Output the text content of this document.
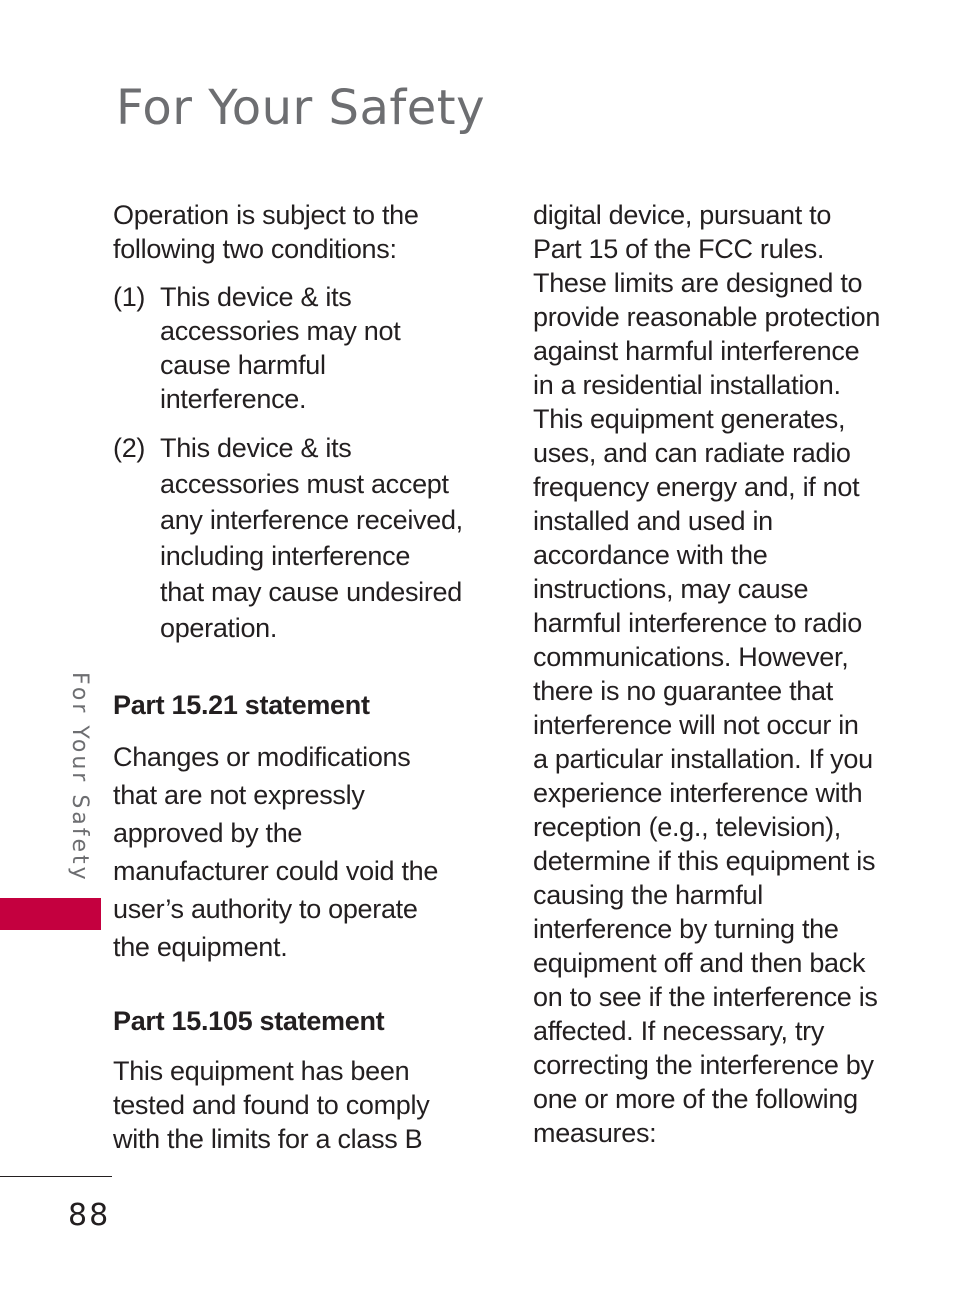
For Your Safety

Operation is subject to the
following two conditions:

(1) This device & its
accessories may not
cause harmful
interference.
(2) This device & its
accessories must accept
any interference received,
including interference
that may cause undesired
operation.
Part 15.21 statement

Changes or modifications
that are not expressly
approved by the
manufacturer could void the
user’s authority to operate
the equipment.

Part 15.105 statement

This equipment has been
tested and found to comply
with the limits for a class B

digital device, pursuant to
Part 15 of the FCC rules.
These limits are designed to
provide reasonable protection
against harmful interference
in a residential installation.
This equipment generates,
uses, and can radiate radio
frequency energy and, if not
installed and used in
accordance with the
instructions, may cause
harmful interference to radio
communications. However,
there is no guarantee that
interference will not occur in
a particular installation. If you
experience interference with
reception (e.g., television),
determine if this equipment is
causing the harmful
interference by turning the
equipment off and then back
on to see if the interference is
affected. If necessary, try
correcting the interference by
one or more of the following
measures:

For Your Safety
88
